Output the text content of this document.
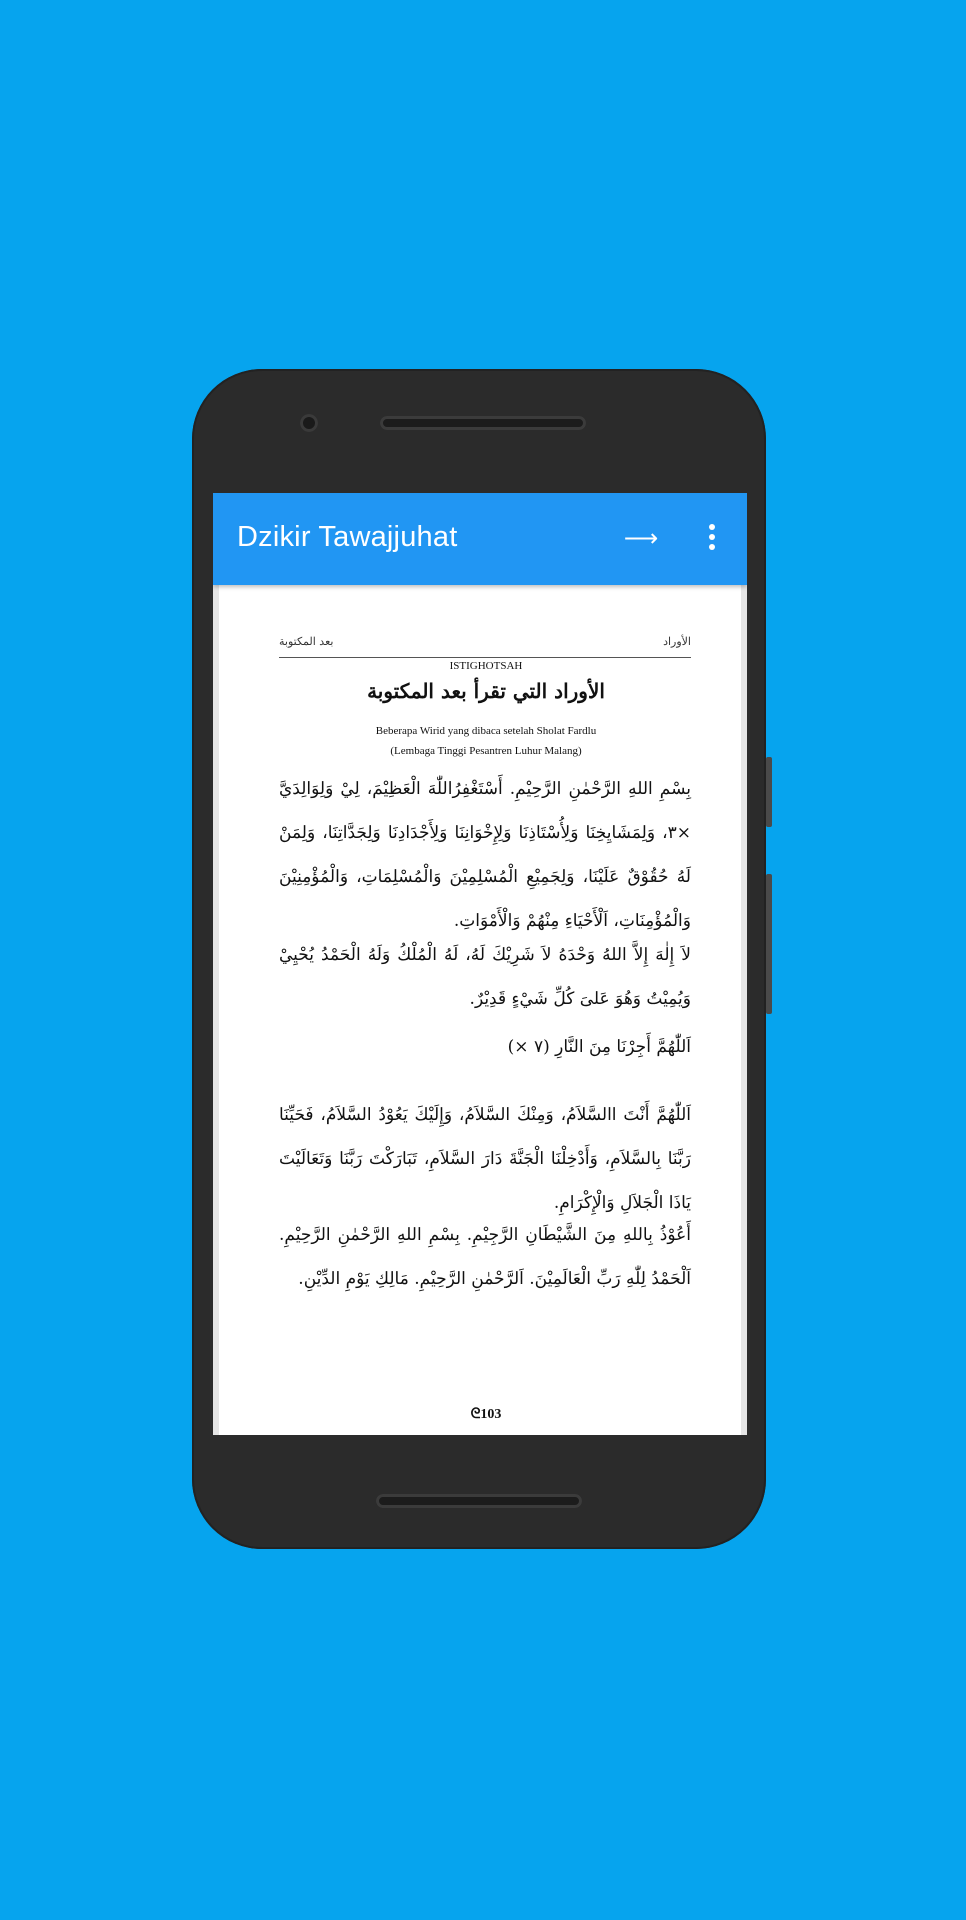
Dzikir Tawajjuhat	⟶
بعد المكتوبة	الأوراد
ISTIGHOTSAH
الأوراد التي تقرأ بعد المكتوبة
Beberapa Wirid yang dibaca setelah Sholat Fardlu
(Lembaga Tinggi Pesantren Luhur Malang)
بِسْمِ اللهِ الرَّحْمٰنِ الرَّحِيْمِ. أَسْتَغْفِرُاللّٰهَ الْعَظِيْمَ، لِيْ وَلِوَالِدَيَّ ×٣، وَلِمَشَايِخِنَا وَلِأُسْتَاذِنَا وَلِإِخْوَانِنَا وَلِأَجْدَادِنَا وَلِجَدَّاتِنَا، وَلِمَنْ لَهُ حُقُوْقٌ عَلَيْنَا، وَلِجَمِيْعِ الْمُسْلِمِيْنَ وَالْمُسْلِمَاتِ، وَالْمُؤْمِنِيْنَ وَالْمُؤْمِنَاتِ، اَلْأَحْيَاءِ مِنْهُمْ وَالْأَمْوَاتِ.
لاَ إِلٰهَ إِلاَّ اللهُ وَحْدَهُ لاَ شَرِيْكَ لَهُ، لَهُ الْمُلْكُ وَلَهُ الْحَمْدُ يُحْيِيْ وَيُمِيْتُ وَهُوَ عَلىَ كُلِّ شَيْءٍ قَدِيْرٌ.
اَللّٰهُمَّ أَجِرْنَا مِنَ النَّارِ (٧ ×)
اَللّٰهُمَّ أَنْتَ االسَّلاَمُ، وَمِنْكَ السَّلاَمُ، وَإِلَيْكَ يَعُوْدُ السَّلاَمُ، فَحَيِّنَا رَبَّنَا بِالسَّلاَمِ، وَأَدْخِلْنَا الْجَنَّةَ دَارَ السَّلاَمِ، تَبَارَكْتَ رَبَّنَا وَتَعَالَيْتَ يَاذَا الْجَلاَلِ وَالْإِكْرَامِ.
أَعُوْذُ بِاللهِ مِنَ الشَّيْطَانِ الرَّجِيْمِ. بِسْمِ اللهِ الرَّحْمٰنِ الرَّحِيْمِ. اَلْحَمْدُ لِلّٰهِ رَبِّ الْعَالَمِيْنَ. اَلرَّحْمٰنِ الرَّحِيْمِ. مَالِكِ يَوْمِ الدِّيْنِ.
ᘓ103
